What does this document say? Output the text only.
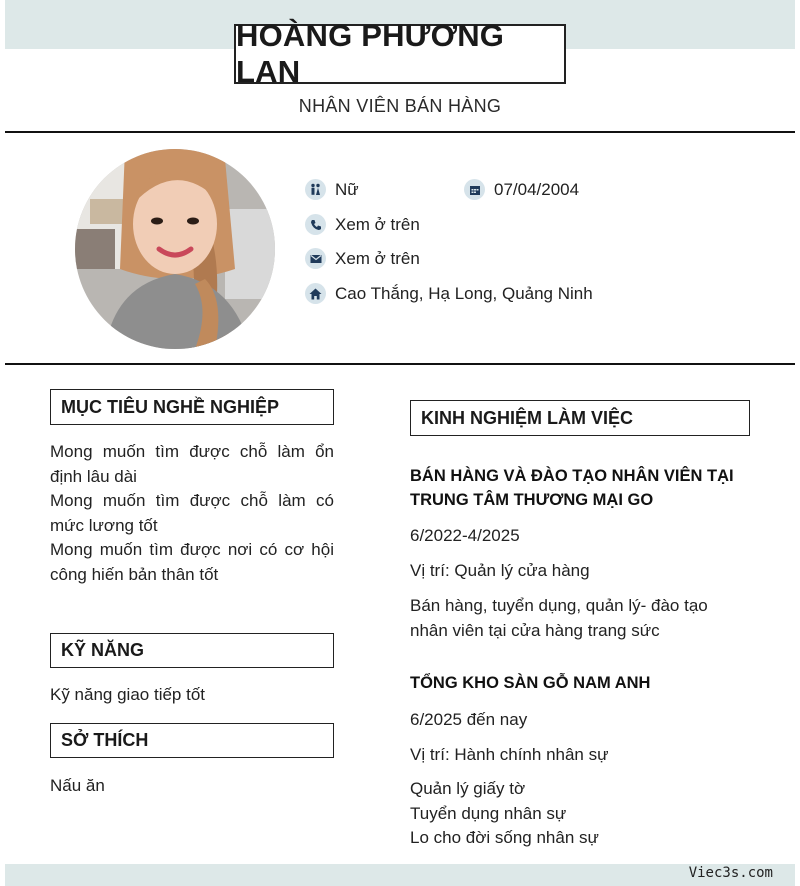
HOÀNG PHƯƠNG LAN
NHÂN VIÊN BÁN HÀNG
Nữ	07/04/2004
Xem ở trên
Xem ở trên
Cao Thắng, Hạ Long, Quảng Ninh
MỤC TIÊU NGHỀ NGHIỆP
Mong muốn tìm được chỗ làm ổn định lâu dài
Mong muốn tìm được chỗ làm có mức lương tốt
Mong muốn tìm được nơi có cơ hội công hiến bản thân tốt
KỸ NĂNG
Kỹ năng giao tiếp tốt
SỞ THÍCH
Nấu ăn
KINH NGHIỆM LÀM VIỆC
BÁN HÀNG VÀ ĐÀO TẠO NHÂN VIÊN TẠI TRUNG TÂM THƯƠNG MẠI GO
6/2022-4/2025
Vị trí: Quản lý cửa hàng
Bán hàng, tuyển dụng, quản lý- đào tạo nhân viên tại cửa hàng trang sức
TỔNG KHO SÀN GỖ NAM ANH
6/2025 đến nay
Vị trí: Hành chính nhân sự
Quản lý giấy tờ
Tuyển dụng nhân sự
Lo cho đời sống nhân sự
Viec3s.com
